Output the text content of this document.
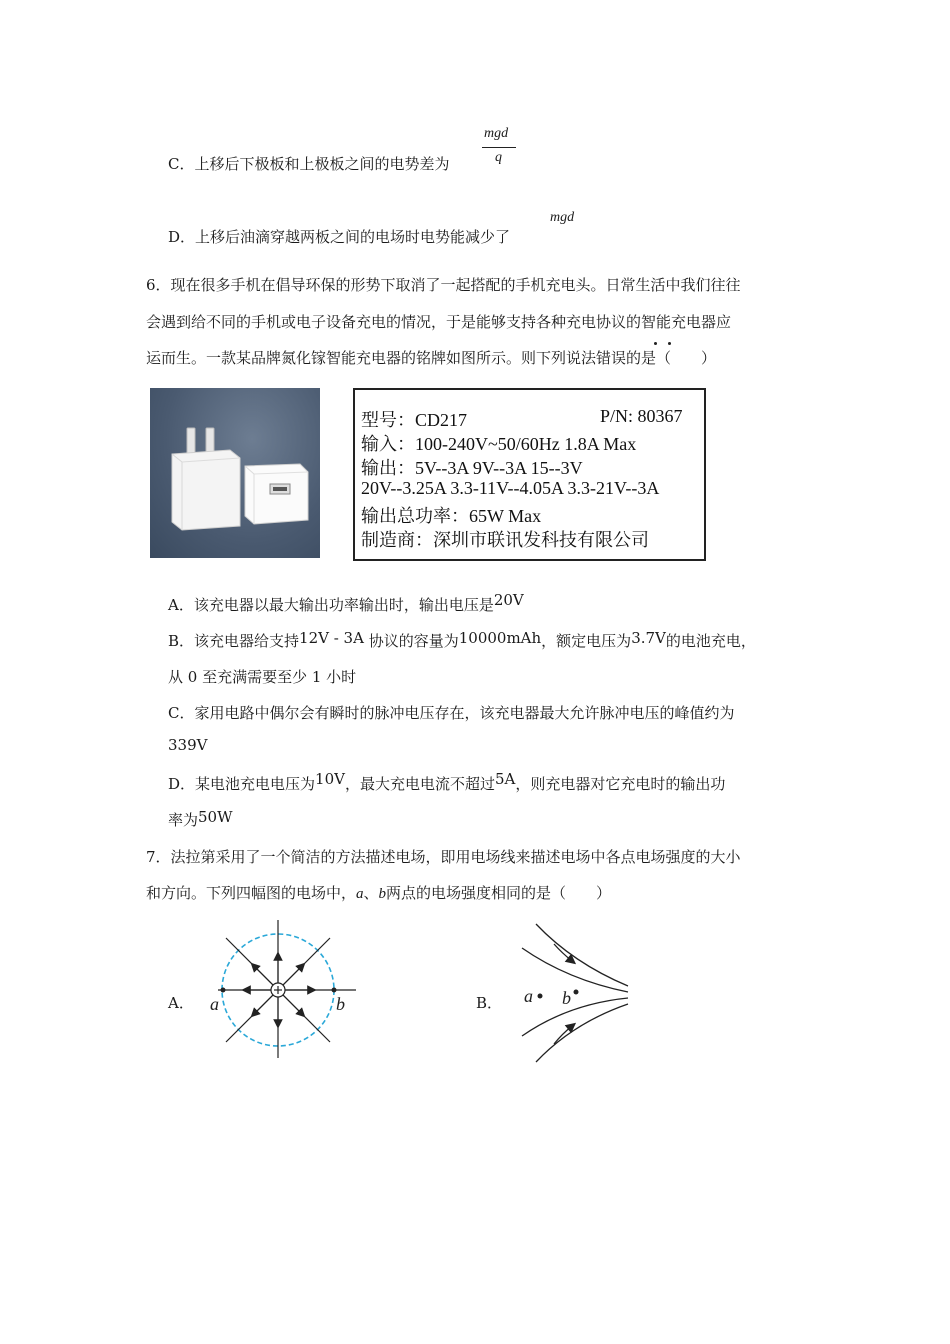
C．上移后下极板和上极板之间的电势差为
mgd
q
D．上移后油滴穿越两板之间的电场时电势能减少了
mgd
6．现在很多手机在倡导环保的形势下取消了一起搭配的手机充电头。日常生活中我们往往
会遇到给不同的手机或电子设备充电的情况，于是能够支持各种充电协议的智能充电器应
运而生。一款某品牌氮化镓智能充电器的铭牌如图所示。则下列说法错误的是（　　）
型号：CD217	P/N: 80367
输入：100-240V~50/60Hz 1.8A Max
输出：5V--3A 9V--3A 15--3V
20V--3.25A 3.3-11V--4.05A 3.3-21V--3A
输出总功率：65W Max
制造商：深圳市联讯发科技有限公司
A．该充电器以最大输出功率输出时，输出电压是20V
B．该充电器给支持12V - 3A 协议的容量为10000mAh，额定电压为3.7V的电池充电，
从 0 至充满需要至少 1 小时
C．家用电路中偶尔会有瞬时的脉冲电压存在，该充电器最大允许脉冲电压的峰值约为
339V
D．某电池充电电压为10V，最大充电电流不超过5A，则充电器对它充电时的输出功
率为50W
7．法拉第采用了一个简洁的方法描述电场，即用电场线来描述电场中各点电场强度的大小
和方向。下列四幅图的电场中，a、b两点的电场强度相同的是（　　）
A．	B．
a	b	a b
